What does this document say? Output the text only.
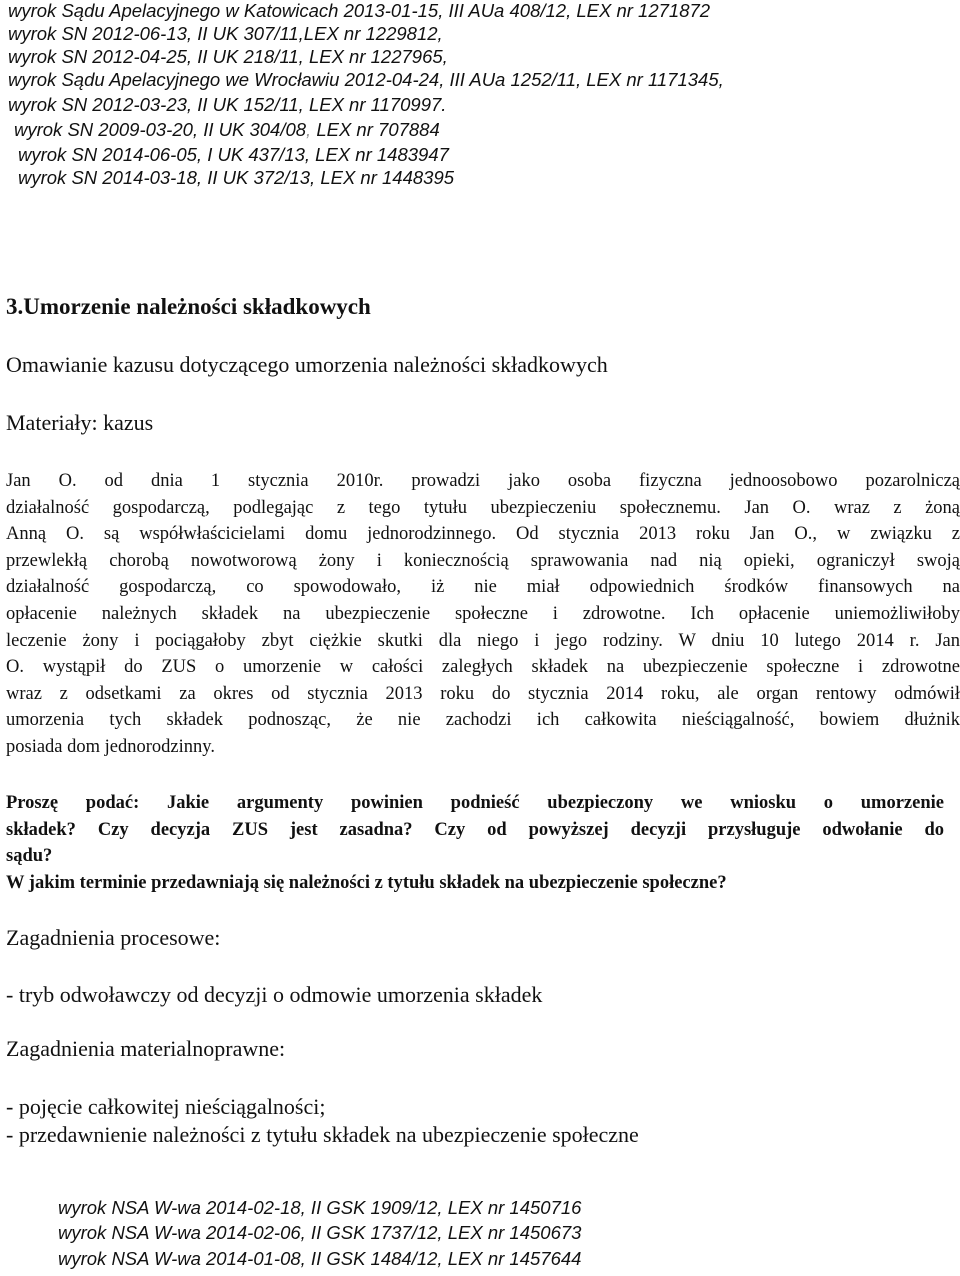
wyrok Sądu Apelacyjnego w Katowicach 2013-01-15, III AUa 408/12, LEX nr 1271872

wyrok SN 2012-06-13, II UK 307/11,LEX nr 1229812,

wyrok SN 2012-04-25, II UK 218/11, LEX nr 1227965,

wyrok Sądu Apelacyjnego we Wrocławiu 2012-04-24, III AUa 1252/11, LEX nr 1171345,

wyrok SN 2012-03-23, II UK 152/11, LEX nr 1170997.

wyrok SN 2009-03-20, II UK 304/08, LEX nr 707884

wyrok SN 2014-06-05, I UK 437/13, LEX nr 1483947

wyrok SN 2014-03-18, II UK 372/13, LEX nr 1448395

3.Umorzenie należności składkowych

Omawianie kazusu dotyczącego umorzenia należności składkowych

Materiały: kazus

Jan O. od dnia 1 stycznia 2010r. prowadzi jako osoba fizyczna jednoosobowo pozarolniczą
działalność gospodarczą, podlegając z tego tytułu ubezpieczeniu społecznemu. Jan O. wraz z żoną
Anną O. są współwłaścicielami domu jednorodzinnego. Od stycznia 2013 roku Jan O., w związku z
przewlekłą chorobą nowotworową żony i koniecznością sprawowania nad nią opieki, ograniczył swoją
działalność gospodarczą, co spowodowało, iż nie miał odpowiednich środków finansowych na
opłacenie należnych składek na ubezpieczenie społeczne i zdrowotne. Ich opłacenie uniemożliwiłoby
leczenie żony i pociągałoby zbyt ciężkie skutki dla niego i jego rodziny. W dniu 10 lutego 2014 r. Jan
O. wystąpił do ZUS o umorzenie w całości zaległych składek na ubezpieczenie społeczne i zdrowotne
wraz z odsetkami za okres od stycznia 2013 roku do stycznia 2014 roku, ale organ rentowy odmówił
umorzenia tych składek podnosząc, że nie zachodzi ich całkowita nieściągalność, bowiem dłużnik
posiada dom jednorodzinny.
Proszę podać: Jakie argumenty powinien podnieść ubezpieczony we wniosku o umorzenie
składek? Czy decyzja ZUS jest zasadna? Czy od powyższej decyzji przysługuje odwołanie do
sądu?
W jakim terminie przedawniają się należności z tytułu składek na ubezpieczenie społeczne?

Zagadnienia procesowe:

- tryb odwoławczy od decyzji o odmowie umorzenia składek

Zagadnienia materialnoprawne:

- pojęcie całkowitej nieściągalności;

- przedawnienie należności z tytułu składek na ubezpieczenie społeczne

wyrok NSA W-wa 2014-02-18, II GSK 1909/12, LEX nr 1450716

wyrok NSA W-wa 2014-02-06, II GSK 1737/12, LEX nr 1450673

wyrok NSA W-wa 2014-01-08, II GSK 1484/12, LEX nr 1457644
